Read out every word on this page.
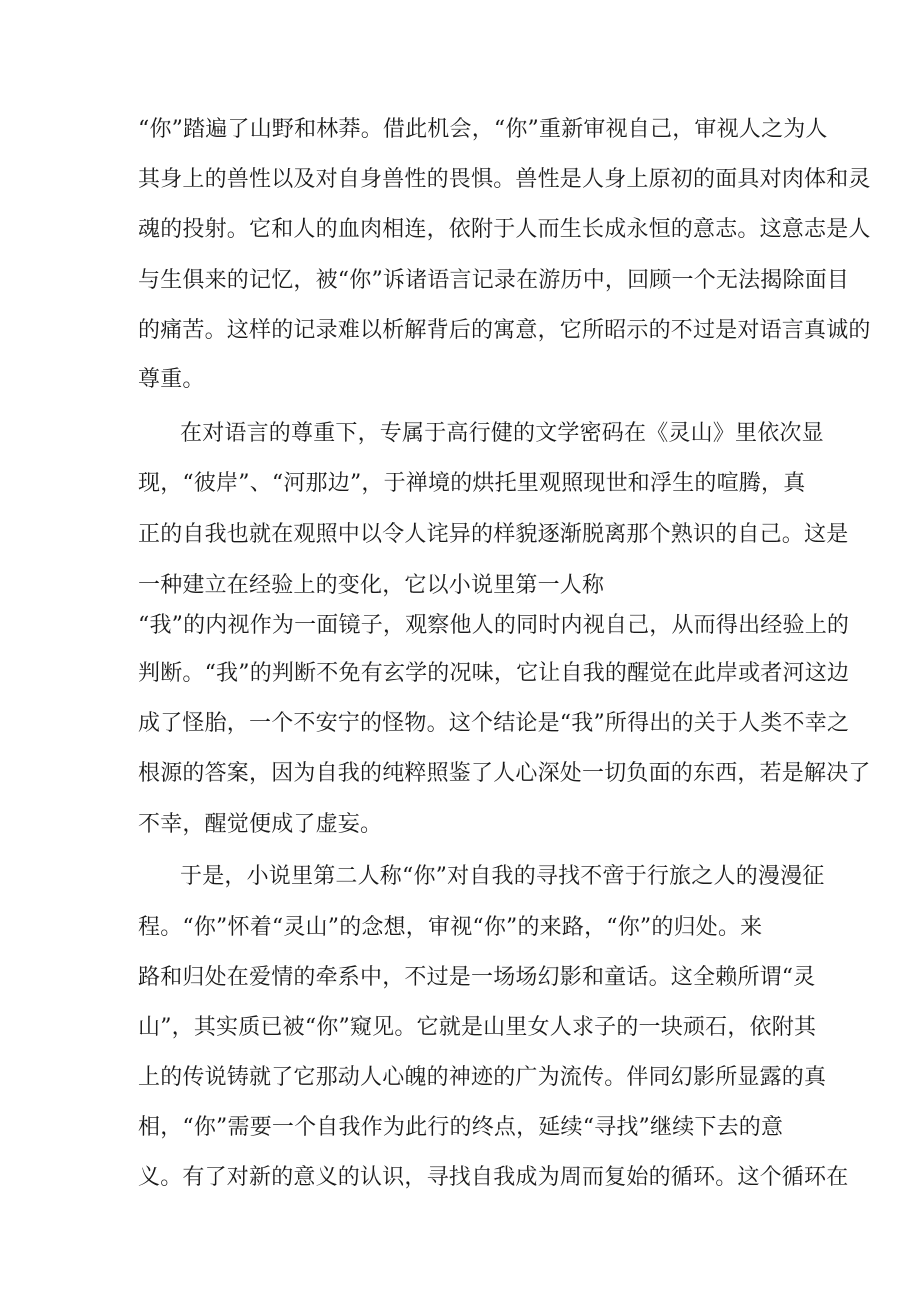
“你”踏遍了山野和林莽。借此机会，“你”重新审视自己，审视人之为人
其身上的兽性以及对自身兽性的畏惧。兽性是人身上原初的面具对肉体和灵
魂的投射。它和人的血肉相连，依附于人而生长成永恒的意志。这意志是人
与生俱来的记忆，被“你”诉诸语言记录在游历中，回顾一个无法揭除面目
的痛苦。这样的记录难以析解背后的寓意，它所昭示的不过是对语言真诚的
尊重。
在对语言的尊重下，专属于高行健的文学密码在《灵山》里依次显
现，“彼岸”、“河那边”，于禅境的烘托里观照现世和浮生的喧腾，真
正的自我也就在观照中以令人诧异的样貌逐渐脱离那个熟识的自己。这是
一种建立在经验上的变化，它以小说里第一人称
“我”的内视作为一面镜子，观察他人的同时内视自己，从而得出经验上的
判断。“我”的判断不免有玄学的况味，它让自我的醒觉在此岸或者河这边
成了怪胎，一个不安宁的怪物。这个结论是“我”所得出的关于人类不幸之
根源的答案，因为自我的纯粹照鉴了人心深处一切负面的东西，若是解决了
不幸，醒觉便成了虚妄。
于是，小说里第二人称“你”对自我的寻找不啻于行旅之人的漫漫征
程。“你”怀着“灵山”的念想，审视“你”的来路，“你”的归处。来
路和归处在爱情的牵系中，不过是一场场幻影和童话。这全赖所谓“灵
山”，其实质已被“你”窥见。它就是山里女人求子的一块顽石，依附其
上的传说铸就了它那动人心魄的神迹的广为流传。伴同幻影所显露的真
相，“你”需要一个自我作为此行的终点，延续“寻找”继续下去的意
义。有了对新的意义的认识，寻找自我成为周而复始的循环。这个循环在
